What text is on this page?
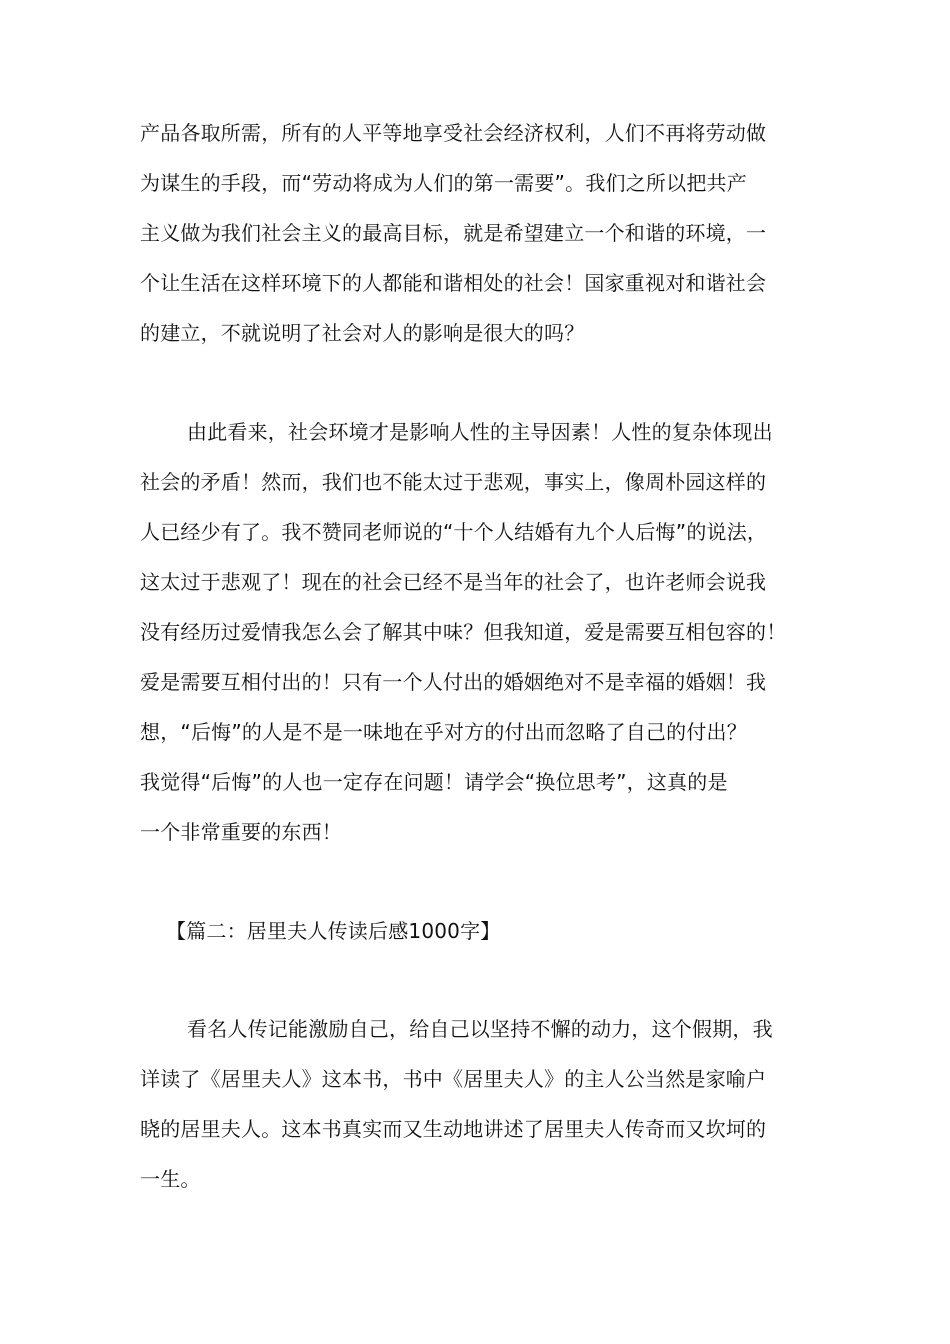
产品各取所需，所有的人平等地享受社会经济权利，人们不再将劳动做
为谋生的手段，而“劳动将成为人们的第一需要”。我们之所以把共产
主义做为我们社会主义的最高目标，就是希望建立一个和谐的环境，一
个让生活在这样环境下的人都能和谐相处的社会！国家重视对和谐社会
的建立，不就说明了社会对人的影响是很大的吗？
由此看来，社会环境才是影响人性的主导因素！人性的复杂体现出
社会的矛盾！然而，我们也不能太过于悲观，事实上，像周朴园这样的
人已经少有了。我不赞同老师说的“十个人结婚有九个人后悔”的说法，
这太过于悲观了！现在的社会已经不是当年的社会了，也许老师会说我
没有经历过爱情我怎么会了解其中味？但我知道，爱是需要互相包容的！
爱是需要互相付出的！只有一个人付出的婚姻绝对不是幸福的婚姻！我
想，“后悔”的人是不是一味地在乎对方的付出而忽略了自己的付出？
我觉得“后悔”的人也一定存在问题！请学会“换位思考”，这真的是
一个非常重要的东西！
【篇二：居里夫人传读后感1000字】
看名人传记能激励自己，给自己以坚持不懈的动力，这个假期，我
详读了《居里夫人》这本书，书中《居里夫人》的主人公当然是家喻户
晓的居里夫人。这本书真实而又生动地讲述了居里夫人传奇而又坎坷的
一生。
